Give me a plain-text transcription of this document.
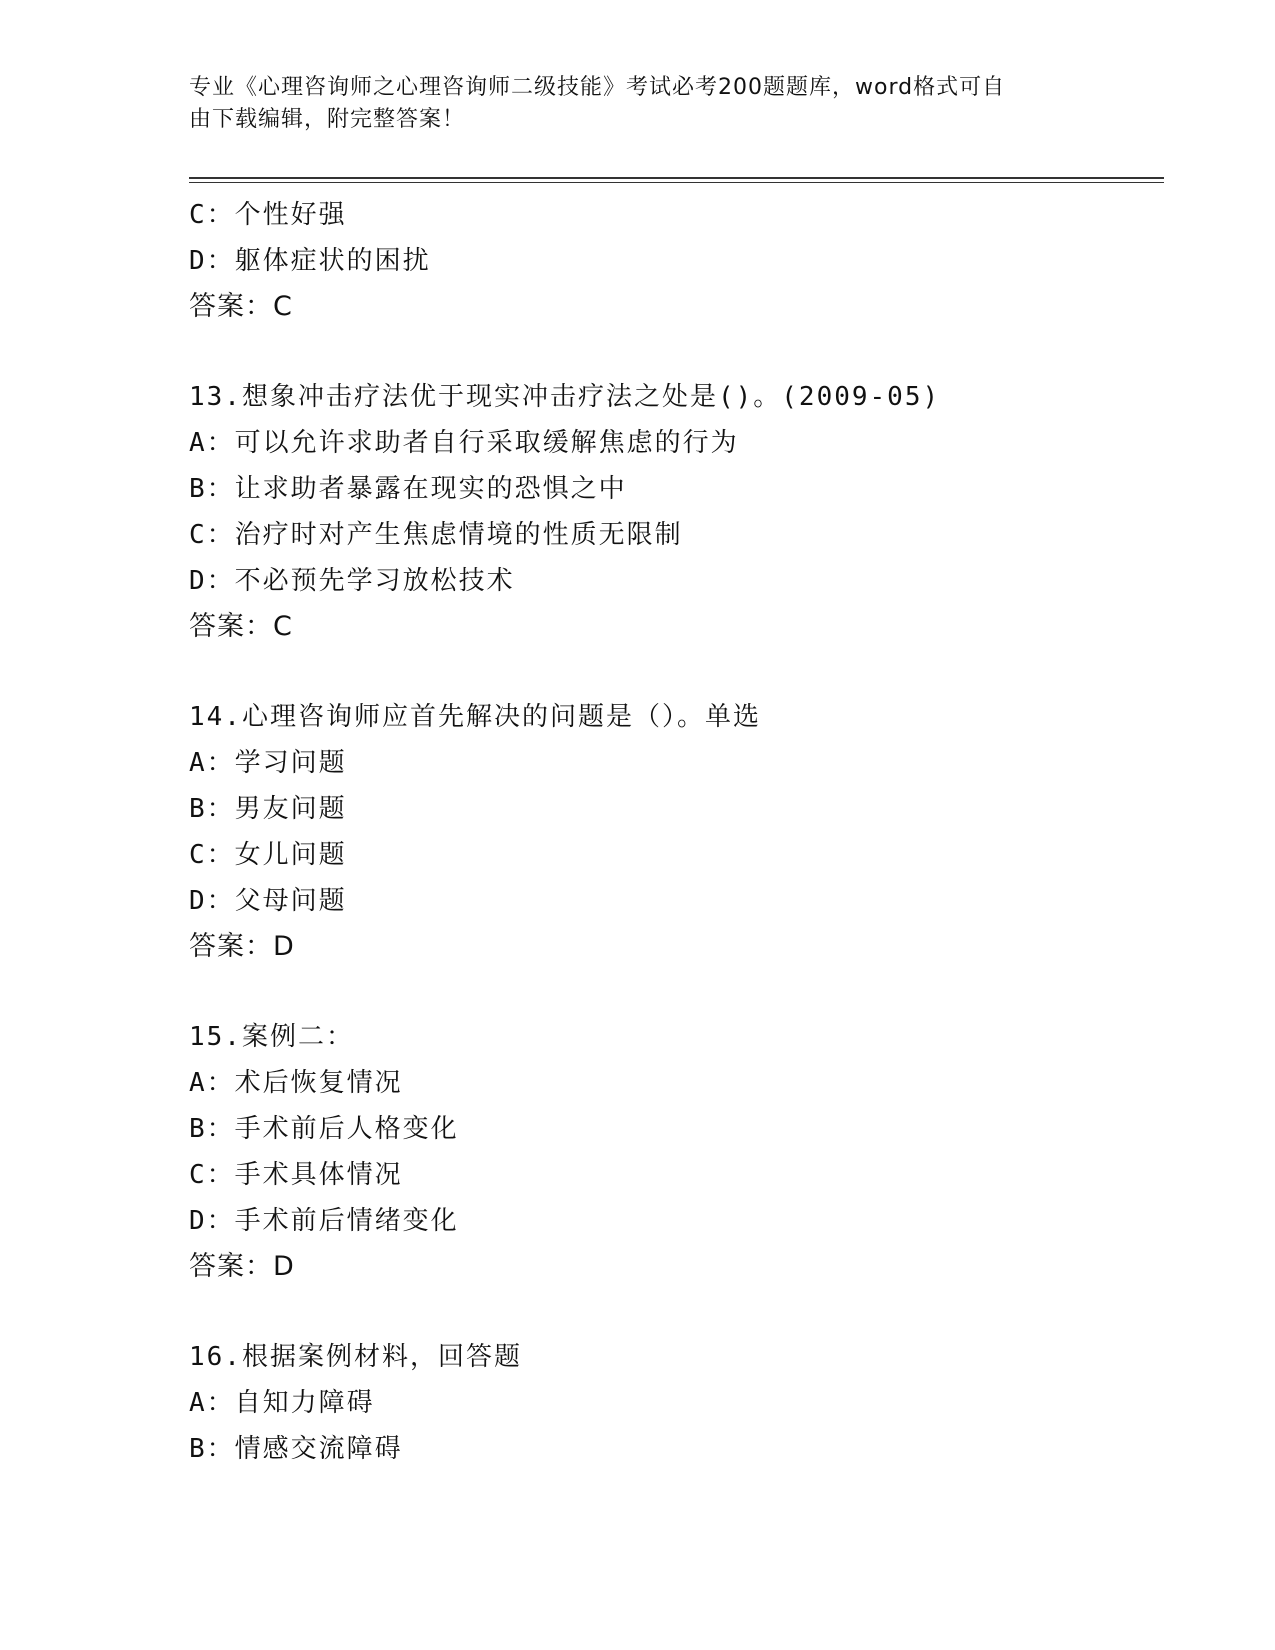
专业《心理咨询师之心理咨询师二级技能》考试必考200题题库，word格式可自
由下载编辑，附完整答案！
C：个性好强
D：躯体症状的困扰
答案：C
13.想象冲击疗法优于现实冲击疗法之处是()。(2009-05)
A：可以允许求助者自行采取缓解焦虑的行为
B：让求助者暴露在现实的恐惧之中
C：治疗时对产生焦虑情境的性质无限制
D：不必预先学习放松技术
答案：C
14.心理咨询师应首先解决的问题是（）。单选
A：学习问题
B：男友问题
C：女儿问题
D：父母问题
答案：D
15.案例二：
A：术后恢复情况
B：手术前后人格变化
C：手术具体情况
D：手术前后情绪变化
答案：D
16.根据案例材料，回答题
A：自知力障碍
B：情感交流障碍
